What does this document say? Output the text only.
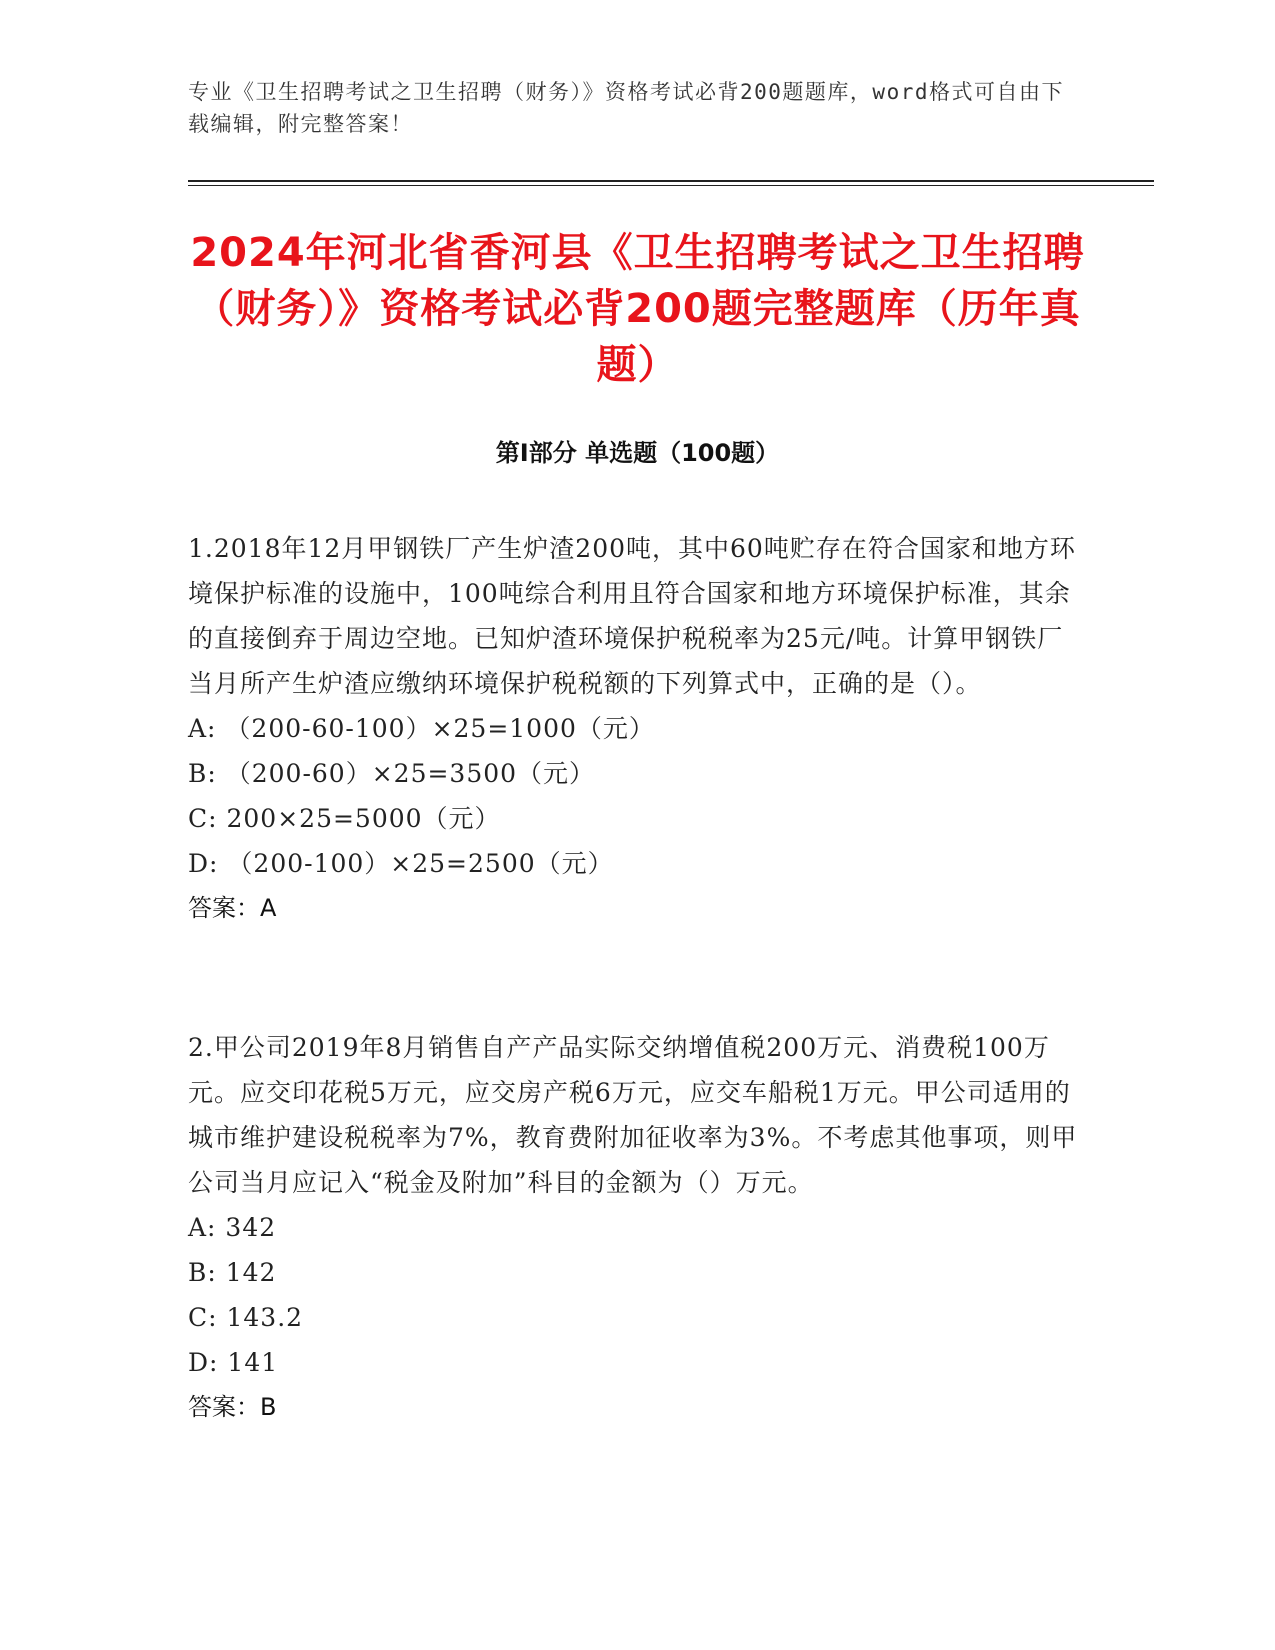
专业《卫生招聘考试之卫生招聘（财务）》资格考试必背200题题库，word格式可自由下载编辑，附完整答案！
2024年河北省香河县《卫生招聘考试之卫生招聘（财务）》资格考试必背200题完整题库（历年真题）
第Ⅰ部分 单选题（100题）

1.2018年12月甲钢铁厂产生炉渣200吨，其中60吨贮存在符合国家和地方环境保护标准的设施中，100吨综合利用且符合国家和地方环境保护标准，其余的直接倒弃于周边空地。已知炉渣环境保护税税率为25元/吨。计算甲钢铁厂当月所产生炉渣应缴纳环境保护税税额的下列算式中，正确的是（）。

A: （200-60-100）×25=1000（元）

B: （200-60）×25=3500（元）

C: 200×25=5000（元）

D: （200-100）×25=2500（元）

答案：A

2.甲公司2019年8月销售自产产品实际交纳增值税200万元、消费税100万元。应交印花税5万元，应交房产税6万元，应交车船税1万元。甲公司适用的城市维护建设税税率为7%，教育费附加征收率为3%。不考虑其他事项，则甲公司当月应记入“税金及附加”科目的金额为（）万元。

A: 342

B: 142

C: 143.2

D: 141

答案：B
